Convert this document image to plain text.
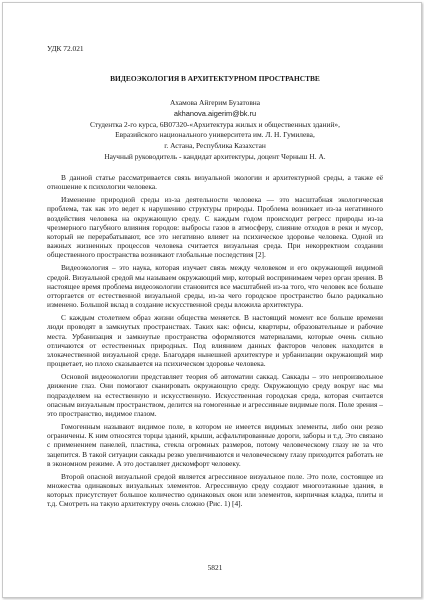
УДК 72.021
ВИДЕОЭКОЛОГИЯ В АРХИТЕКТУРНОМ ПРОСТРАНСТВЕ
Ахамова Айгерим Бузатовна
akhanova.aigerim@bk.ru
Студентка 2-го курса, 6В07320-«Архитектура жилых и общественных зданий»,
Евразийского национального университета им. Л. Н. Гумилева,
г. Астана, Республика Казахстан
Научный руководитель - кандидат архитектуры, доцент Черныш Н. А.

В данной статье рассматривается связь визуальной экологии и архитектурной среды, а также её отношение к психологии человека.

Изменение природной среды из-за деятельности человека — это масштабная экологическая проблема, так как это ведет к нарушению структуры природы. Проблема возникает из-за негативного воздействия человека на окружающую среду. С каждым годом происходит регресс природы из-за чрезмерного пагубного влияния городов: выбросы газов в атмосферу, слияние отходов в реки и мусор, который не перерабатывают, все это негативно влияет на психическое здоровье человека. Одной из важных жизненных процессов человека считается визуальная среда. При некорректном создании общественного пространства возникают глобальные последствия [2].

Видеоэкология – это наука, которая изучает связь между человеком и его окружающей видимой средой. Визуальной средой мы называем окружающий мир, который воспринимаем через орган зрения. В настоящее время проблема видеоэкологии становится все масштабней из-за того, что человек все больше отторгается от естественной визуальной среды, из-за чего городское пространство было радикально изменено. Большой вклад в создание искусственной среды вложила архитектура.

С каждым столетием образ жизни общества меняется. В настоящий момент все больше времени люди проводят в замкнутых пространствах. Таких как: офисы, квартиры, образовательные и рабочие места. Урбанизация и замкнутые пространства оформляются материалами, которые очень сильно отличаются от естественных природных. Под влиянием данных факторов человек находится в злокачественной визуальной среде. Благодаря нынешней архитектуре и урбанизации окружающий мир процветает, но плохо сказывается на психическом здоровье человека.

Основой видеоэкологии представляет теория об автоматии саккад. Саккады – это непроизвольное движение глаз. Они помогают сканировать окружающую среду. Окружающую среду вокруг нас мы подразделяем на естественную и искусственную. Искусственная городская среда, которая считается опасным визуальным пространством, делится на гомогенные и агрессивные видимые поля. Поле зрения – это пространство, видимое глазом.

Гомогенным называют видимое поле, в котором не имеется видимых элементы, либо они резко ограничены. К ним относятся торцы зданий, крыши, асфальтированные дороги, заборы и т.д. Это связано с применением панелей, пластика, стекла огромных размеров, потому человеческому глазу не за что зацепится. В такой ситуации саккады резко увеличиваются и человеческому глазу приходится работать не в экономном режиме. А это доставляет дискомфорт человеку.

Второй опасной визуальной средой является агрессивное визуальное поле. Это поле, состоящее из множества одинаковых визуальных элементов. Агрессивную среду создают многоэтажные здания, в которых присутствует большое количество одинаковых окон или элементов, кирпичная кладка, плиты и т.д. Смотреть на такую архитектуру очень сложно (Рис. 1) [4].

5821
